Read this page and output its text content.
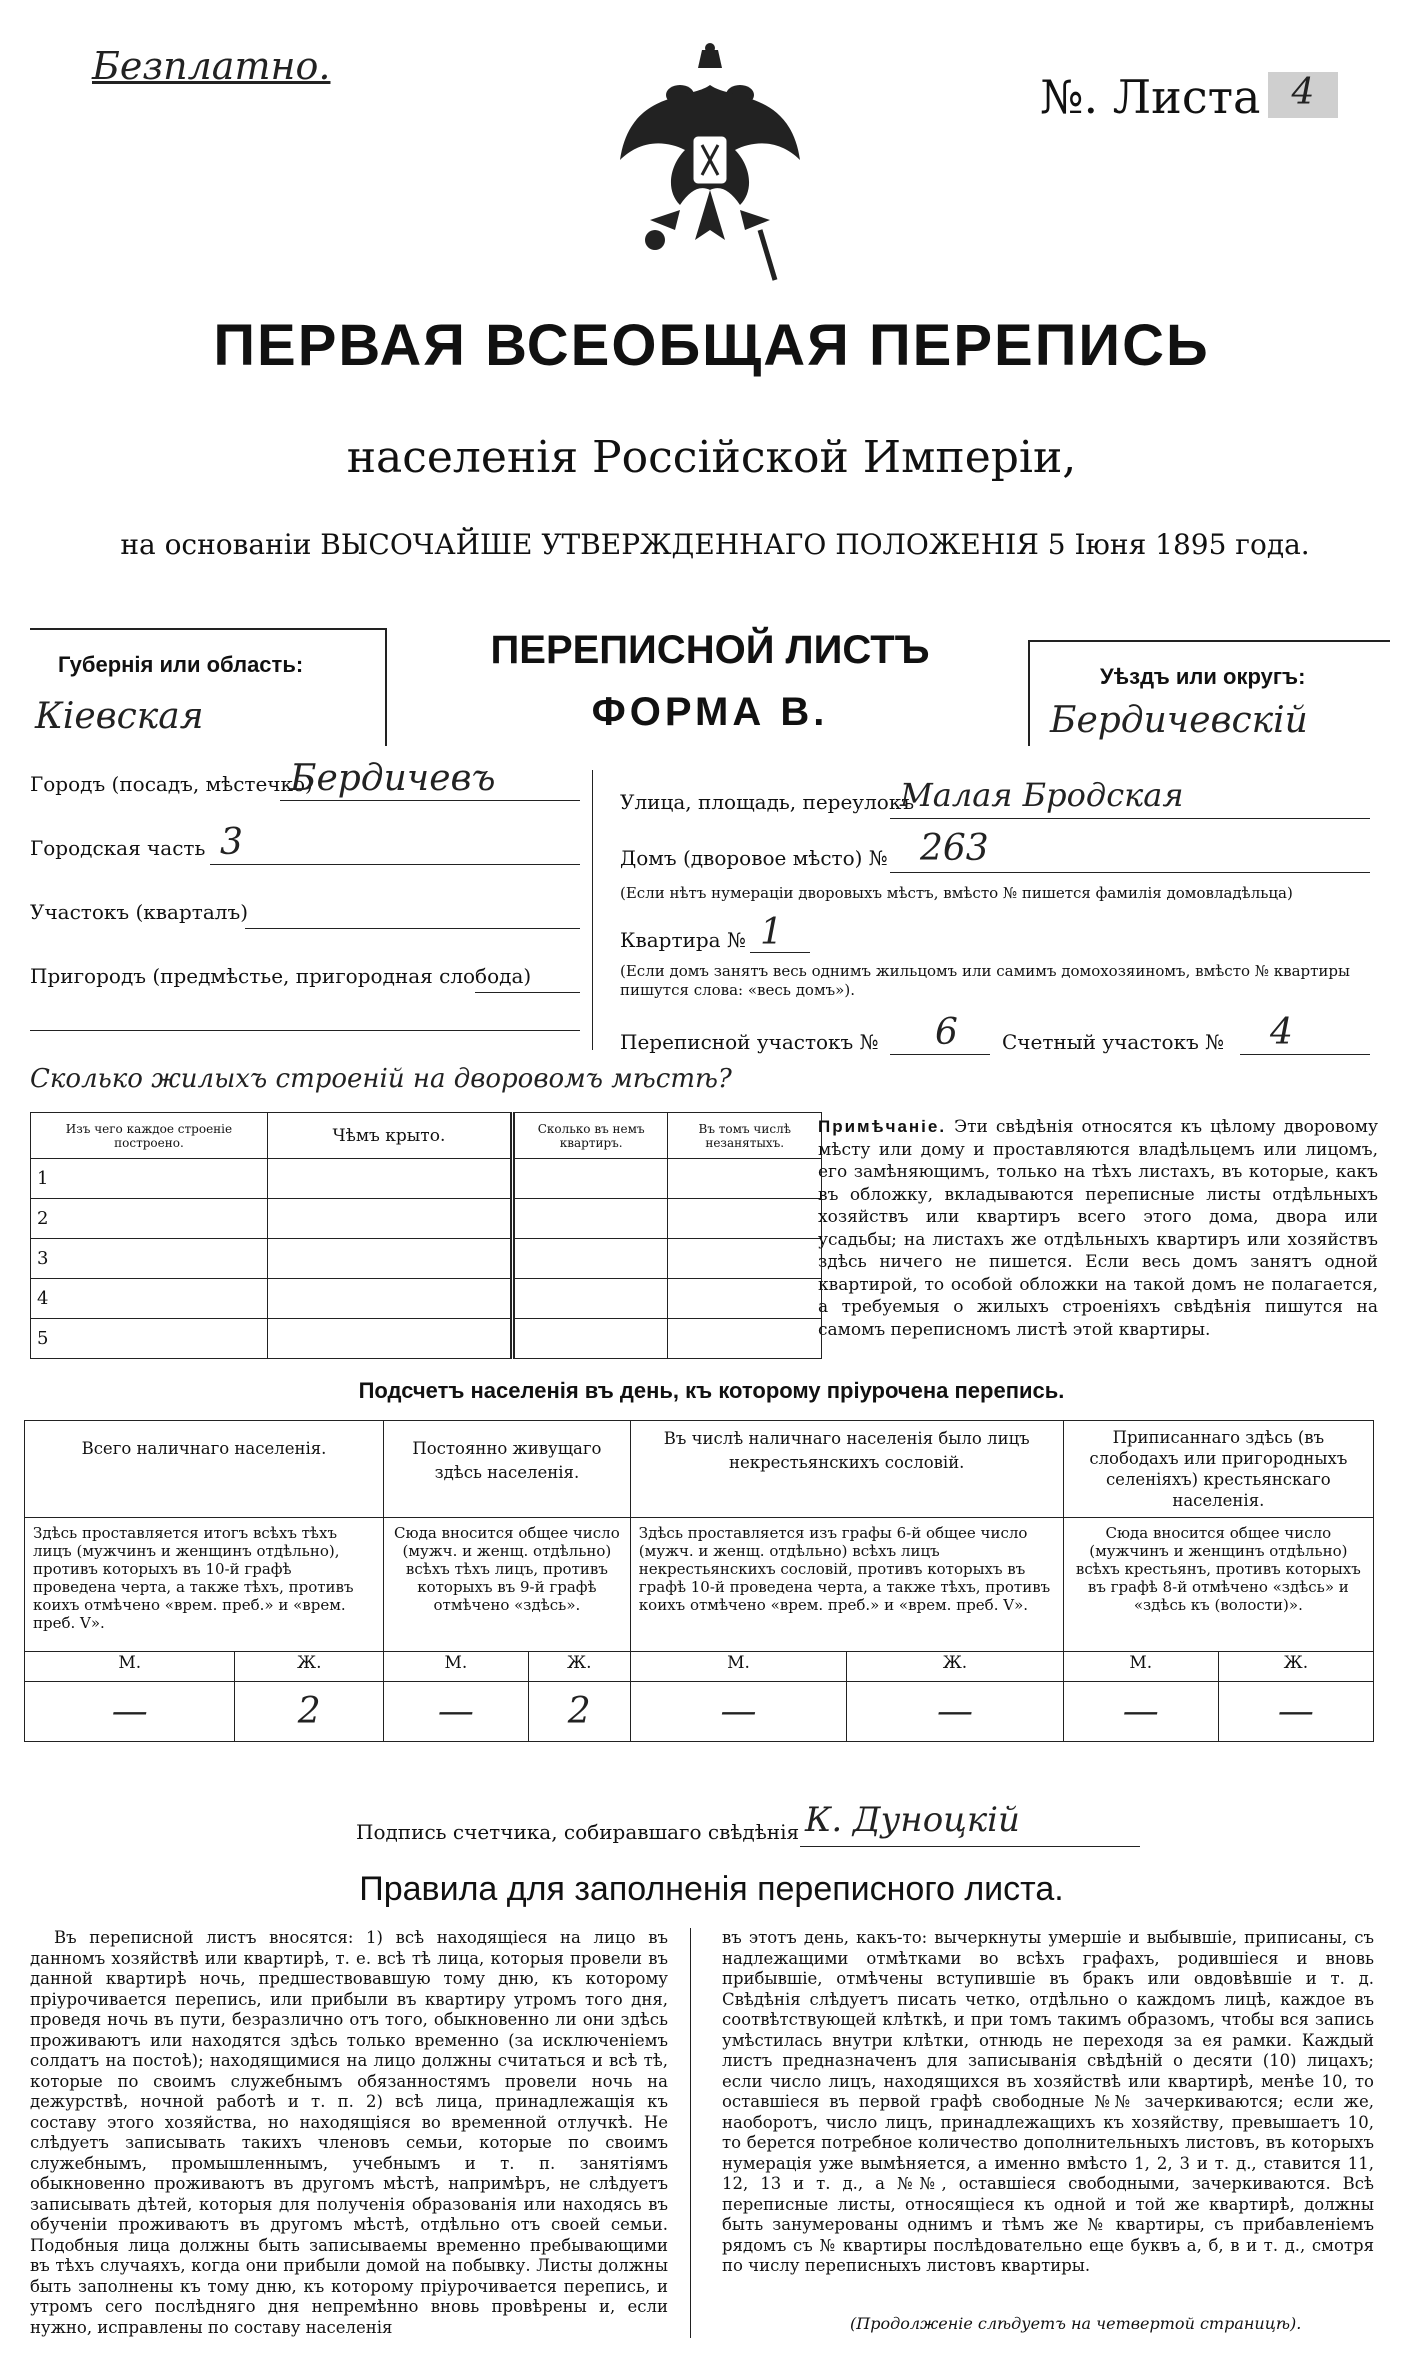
Безплатно.
№. Листа 4
ПЕРВАЯ ВСЕОБЩАЯ ПЕРЕПИСЬ
населенія Россійской Имперіи,
на основаніи ВЫСОЧАЙШЕ УТВЕРЖДЕННАГО ПОЛОЖЕНІЯ 5 Іюня 1895 года.
Губернія или область:
Кіевская
ПЕРЕПИСНОЙ ЛИСТЪ
ФОРМА В.
Уѣздъ или округъ:
Бердичевскій
Городъ (посадъ, мѣстечко)
Бердичевъ
Городская часть 3
Участокъ (кварталъ)
Пригородъ (предмѣстье, пригородная слобода)
Улица, площадь, переулокъ
Малая Бродская
Домъ (дворовое мѣсто) № 263
(Если нѣтъ нумераціи дворовыхъ мѣстъ, вмѣсто № пишется фамилія домовладѣльца)
Квартира № 1
(Если домъ занятъ весь однимъ жильцомъ или самимъ домохозяиномъ, вмѣсто № квартиры пишутся слова: «весь домъ»).
Переписной участокъ № 6 Счетный участокъ № 4
Сколько жилыхъ строеній на дворовомъ мѣстѣ?
Изъ чего каждое строеніе построено.	Чѣмъ крыто.	Сколько въ немъ квартиръ.	Въ томъ числѣ незанятыхъ.
1			
2			
3			
4			
5			
Примѣчаніе. Эти свѣдѣнія относятся къ цѣлому дворовому мѣсту или дому и проставляются владѣльцемъ или лицомъ, его замѣняющимъ, только на тѣхъ листахъ, въ которые, какъ въ обложку, вкладываются переписные листы отдѣльныхъ хозяйствъ или квартиръ всего этого дома, двора или усадьбы; на листахъ же отдѣльныхъ квартиръ или хозяйствъ здѣсь ничего не пишется. Если весь домъ занятъ одной квартирой, то особой обложки на такой домъ не полагается, а требуемыя о жилыхъ строеніяхъ свѣдѣнія пишутся на самомъ переписномъ листѣ этой квартиры.
Подсчетъ населенія въ день, къ которому пріурочена перепись.
Всего наличнаго населенія.		Постоянно живущаго здѣсь населенія.		Въ числѣ наличнаго населенія было лицъ некрестьянскихъ сословій.		Приписаннаго здѣсь (въ слободахъ или пригородныхъ селеніяхъ) крестьянскаго населенія.	

Здѣсь проставляется итогъ всѣхъ тѣхъ лицъ (мужчинъ и женщинъ отдѣльно), противъ которыхъ въ 10-й графѣ проведена черта, а также тѣхъ, противъ коихъ отмѣчено «врем. преб.» и «врем. преб. V».		Сюда вносится общее число (мужч. и женщ. отдѣльно) всѣхъ тѣхъ лицъ, противъ которыхъ въ 9-й графѣ отмѣчено «здѣсь».		Здѣсь проставляется изъ графы 6-й общее число (мужч. и женщ. отдѣльно) всѣхъ лицъ некрестьянскихъ сословій, противъ которыхъ въ графѣ 10-й проведена черта, а также тѣхъ, противъ коихъ отмѣчено «врем. преб.» и «врем. преб. V».		Сюда вносится общее число (мужчинъ и женщинъ отдѣльно) всѣхъ крестьянъ, противъ которыхъ въ графѣ 8-й отмѣчено «здѣсь» и «здѣсь къ (волости)».	
М.	Ж.	М.	Ж.	М.	Ж.	М.	Ж.
—	2	—	2	—	—	—	—
Подпись счетчика, собиравшаго свѣдѣнія К. Дуноцкій
Правила для заполненія переписного листа.
Въ переписной листъ вносятся: 1) всѣ находящіеся на лицо въ данномъ хозяйствѣ или квартирѣ, т. е. всѣ тѣ лица, которыя провели въ данной квартирѣ ночь, предшествовавшую тому дню, къ которому пріурочивается перепись, или прибыли въ квартиру утромъ того дня, проведя ночь въ пути, безразлично отъ того, обыкновенно ли они здѣсь проживаютъ или находятся здѣсь только временно (за исключеніемъ солдатъ на постоѣ); находящимися на лицо должны считаться и всѣ тѣ, которые по своимъ служебнымъ обязанностямъ провели ночь на дежурствѣ, ночной работѣ и т. п. 2) всѣ лица, принадлежащія къ составу этого хозяйства, но находящіяся во временной отлучкѣ. Не слѣдуетъ записывать такихъ членовъ семьи, которые по своимъ служебнымъ, промышленнымъ, учебнымъ и т. п. занятіямъ обыкновенно проживаютъ въ другомъ мѣстѣ, напримѣръ, не слѣдуетъ записывать дѣтей, которыя для полученія образованія или находясь въ обученіи проживаютъ въ другомъ мѣстѣ, отдѣльно отъ своей семьи. Подобныя лица должны быть записываемы временно пребывающими въ тѣхъ случаяхъ, когда они прибыли домой на побывку. Листы должны быть заполнены къ тому дню, къ которому пріурочивается перепись, и утромъ сего послѣдняго дня непремѣнно вновь провѣрены и, если нужно, исправлены по составу населенія
въ этотъ день, какъ-то: вычеркнуты умершіе и выбывшіе, приписаны, съ надлежащими отмѣтками во всѣхъ графахъ, родившіеся и вновь прибывшіе, отмѣчены вступившіе въ бракъ или овдовѣвшіе и т. д. Свѣдѣнія слѣдуетъ писать четко, отдѣльно о каждомъ лицѣ, каждое въ соотвѣтствующей клѣткѣ, и при томъ такимъ образомъ, чтобы вся запись умѣстилась внутри клѣтки, отнюдь не переходя за ея рамки. Каждый листъ предназначенъ для записыванія свѣдѣній о десяти (10) лицахъ; если число лицъ, находящихся въ хозяйствѣ или квартирѣ, менѣе 10, то оставшіеся въ первой графѣ свободные №№ зачеркиваются; если же, наоборотъ, число лицъ, принадлежащихъ къ хозяйству, превышаетъ 10, то берется потребное количество дополнительныхъ листовъ, въ которыхъ нумерація уже вымѣняется, а именно вмѣсто 1, 2, 3 и т. д., ставится 11, 12, 13 и т. д., а №№, оставшіеся свободными, зачеркиваются. Всѣ переписные листы, относящіеся къ одной и той же квартирѣ, должны быть занумерованы однимъ и тѣмъ же № квартиры, съ прибавленіемъ рядомъ съ № квартиры послѣдовательно еще буквъ а, б, в и т. д., смотря по числу переписныхъ листовъ квартиры.
(Продолженіе слѣдуетъ на четвертой страницѣ).
